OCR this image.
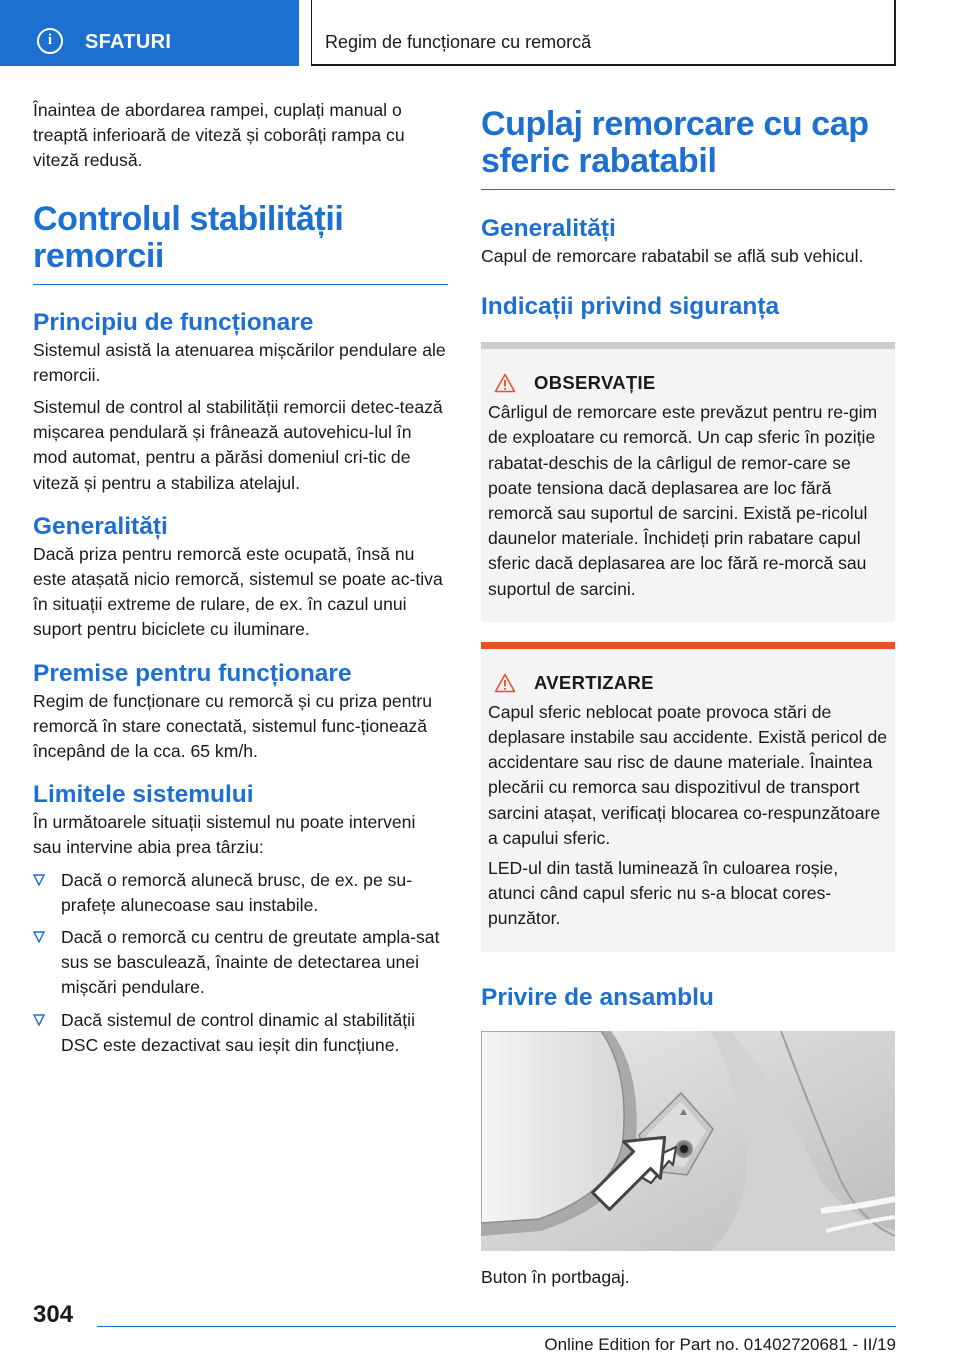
i	SFATURI	Regim de funcționare cu remorcă

Înaintea de abordarea rampei, cuplați manual o treaptă inferioară de viteză și coborâți rampa cu viteză redusă.

Controlul stabilității remorcii
Principiu de funcționare

Sistemul asistă la atenuarea mișcărilor pendulare ale remorcii.

Sistemul de control al stabilității remorcii detec-tează mișcarea pendulară și frânează autovehicu-lul în mod automat, pentru a părăsi domeniul cri-tic de viteză și pentru a stabiliza atelajul.

Generalități

Dacă priza pentru remorcă este ocupată, însă nu este atașată nicio remorcă, sistemul se poate ac-tiva în situații extreme de rulare, de ex. în cazul unui suport pentru biciclete cu iluminare.

Premise pentru funcționare

Regim de funcționare cu remorcă și cu priza pentru remorcă în stare conectată, sistemul func-ționează începând de la cca. 65 km/h.

Limitele sistemului

În următoarele situații sistemul nu poate interveni sau intervine abia prea târziu:

Dacă o remorcă alunecă brusc, de ex. pe su-prafețe alunecoase sau instabile.
Dacă o remorcă cu centru de greutate ampla-sat sus se basculează, înainte de detectarea unei mișcări pendulare.
Dacă sistemul de control dinamic al stabilității DSC este dezactivat sau ieșit din funcțiune.
Cuplaj remorcare cu cap sferic rabatabil
Generalități

Capul de remorcare rabatabil se află sub vehicul.

Indicații privind siguranța
OBSERVAȚIE

Cârligul de remorcare este prevăzut pentru re-gim de exploatare cu remorcă. Un cap sferic în poziție rabatat-deschis de la cârligul de remor-care se poate tensiona dacă deplasarea are loc fără remorcă sau suportul de sarcini. Există pe-ricolul daunelor materiale. Închideți prin rabatare capul sferic dacă deplasarea are loc fără re-morcă sau suportul de sarcini.

AVERTIZARE

Capul sferic neblocat poate provoca stări de deplasare instabile sau accidente. Există pericol de accidentare sau risc de daune materiale. Înaintea plecării cu remorca sau dispozitivul de transport sarcini atașat, verificați blocarea co-respunzătoare a capului sferic.

LED-ul din tastă luminează în culoarea roșie, atunci când capul sferic nu s-a blocat cores-punzător.

Privire de ansamblu

Buton în portbagaj.

304
Online Edition for Part no. 01402720681 - II/19
